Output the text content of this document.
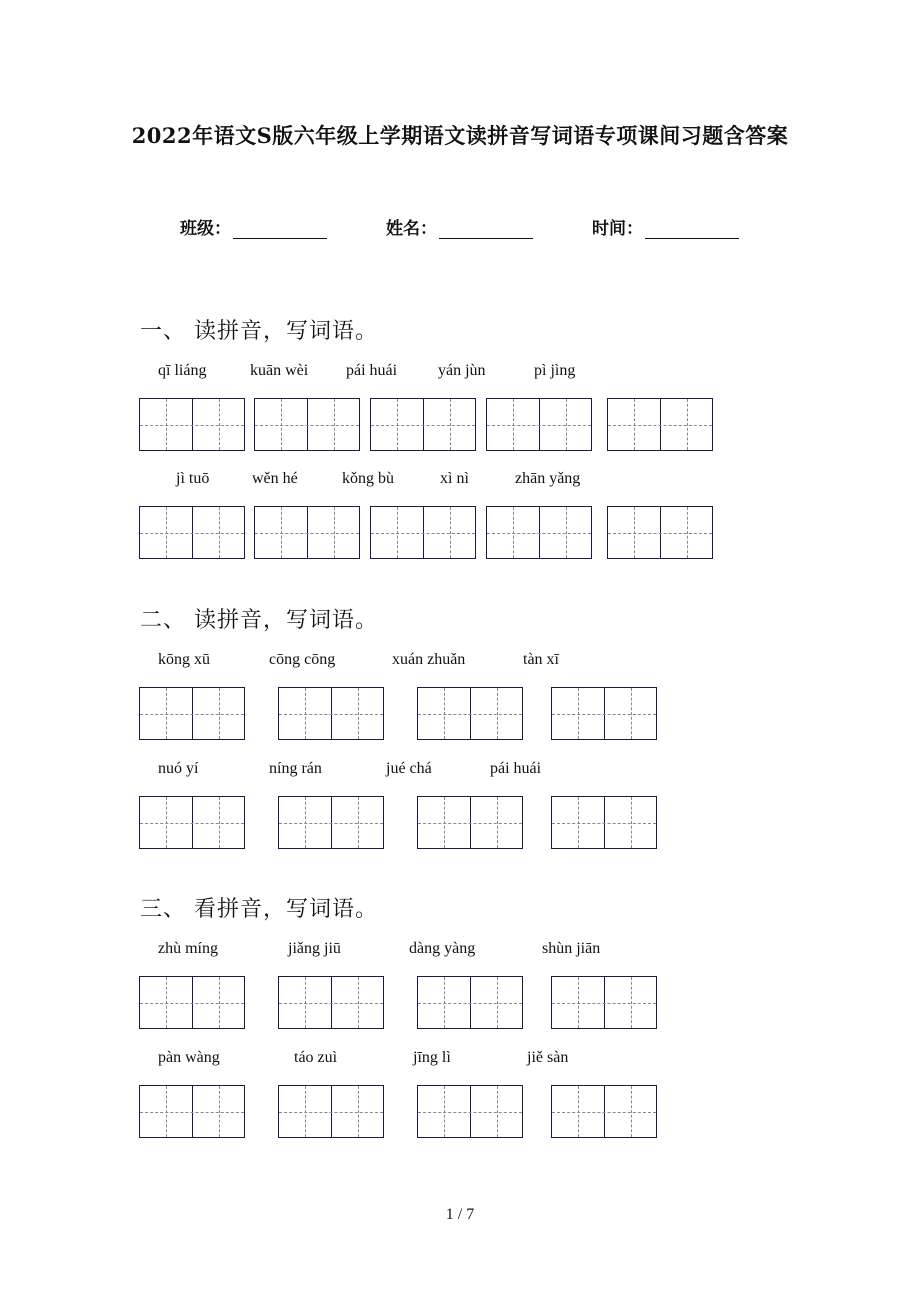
2022年语文S版六年级上学期语文读拼音写词语专项课间习题含答案
班级：	姓名：	时间：
一、 读拼音，写词语。
qī liáng	kuān wèi pái huái	yán jùn	pì jìng
jì tuō	wěn hé	kǒng bù	xì nì	zhān yǎng
二、 读拼音，写词语。
kōng xū	cōng cōng	xuán zhuǎn	tàn xī
nuó yí	níng rán	jué chá	pái huái
三、 看拼音，写词语。
zhù míng	jiǎng jiū	dàng yàng	shùn jiān
pàn wàng	táo zuì	jīng lì	jiě sàn
1 / 7
